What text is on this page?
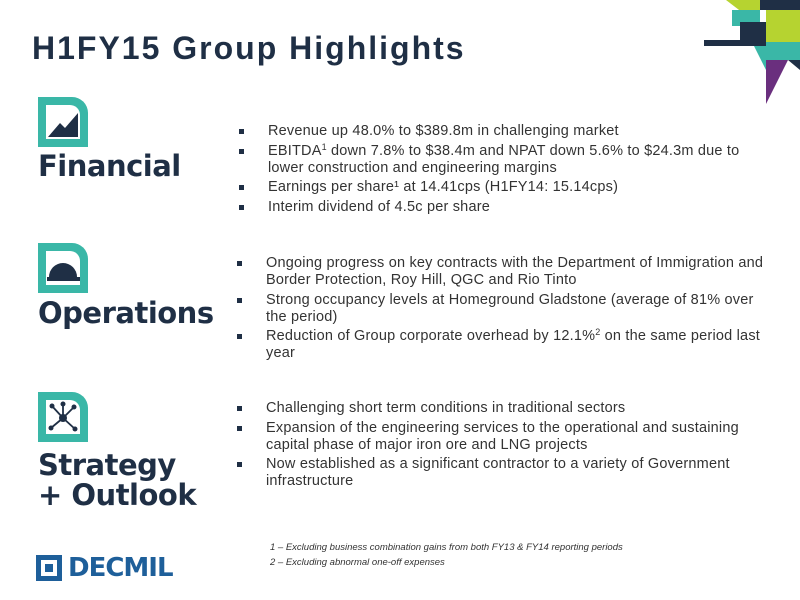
H1FY15 Group Highlights
Financial
Revenue up 48.0% to $389.8m in challenging market
EBITDA$^1$ down 7.8% to $38.4m and NPAT down 5.6% to $24.3m due to lower construction and engineering margins
Earnings per share¹ at 14.41cps (H1FY14: 15.14cps)
Interim dividend of 4.5c per share
Operations
Ongoing progress on key contracts with the Department of Immigration and Border Protection, Roy Hill, QGC and Rio Tinto
Strong occupancy levels at Homeground Gladstone (average of 81% over the period)
Reduction of Group corporate overhead by 12.1%$^2$ on the same period last year
Strategy
+ Outlook
Challenging short term conditions in traditional sectors
Expansion of the engineering services to the operational and sustaining capital phase of major iron ore and LNG projects
Now established as a significant contractor to a variety of Government infrastructure
1 – Excluding business combination gains from both FY13 & FY14 reporting periods
2 – Excluding abnormal one-off expenses
DECMIL
